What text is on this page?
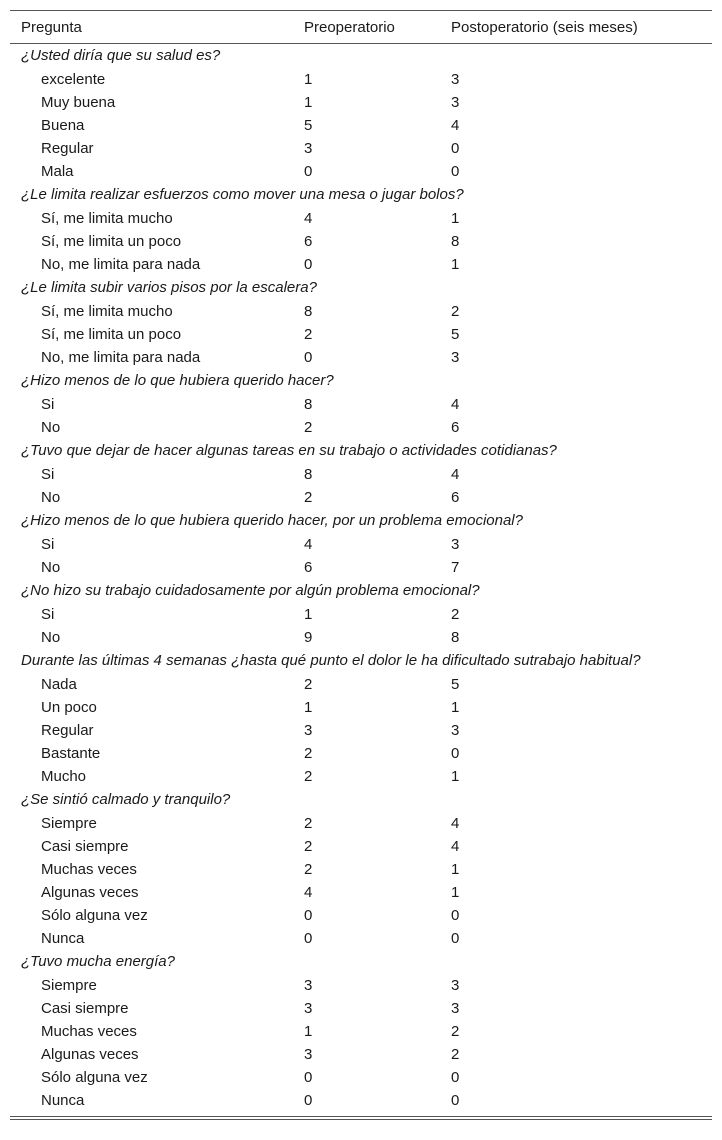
Pregunta	Preoperatorio	Postoperatorio (seis meses)
¿Usted diría que su salud es?
excelente	1	3
Muy buena	1	3
Buena	5	4
Regular	3	0
Mala	0	0
¿Le limita realizar esfuerzos como mover una mesa o jugar bolos?
Sí, me limita mucho	4	1
Sí, me limita un poco	6	8
No, me limita para nada	0	1
¿Le limita subir varios pisos por la escalera?
Sí, me limita mucho	8	2
Sí, me limita un poco	2	5
No, me limita para nada	0	3
¿Hizo menos de lo que hubiera querido hacer?
Si	8	4
No	2	6
¿Tuvo que dejar de hacer algunas tareas en su trabajo o actividades cotidianas?
Si	8	4
No	2	6
¿Hizo menos de lo que hubiera querido hacer, por un problema emocional?
Si	4	3
No	6	7
¿No hizo su trabajo cuidadosamente por algún problema emocional?
Si	1	2
No	9	8
Durante las últimas 4 semanas ¿hasta qué punto el dolor le ha dificultado sutrabajo habitual?
Nada	2	5
Un poco	1	1
Regular	3	3
Bastante	2	0
Mucho	2	1
¿Se sintió calmado y tranquilo?
Siempre	2	4
Casi siempre	2	4
Muchas veces	2	1
Algunas veces	4	1
Sólo alguna vez	0	0
Nunca	0	0
¿Tuvo mucha energía?
Siempre	3	3
Casi siempre	3	3
Muchas veces	1	2
Algunas veces	3	2
Sólo alguna vez	0	0
Nunca	0	0
